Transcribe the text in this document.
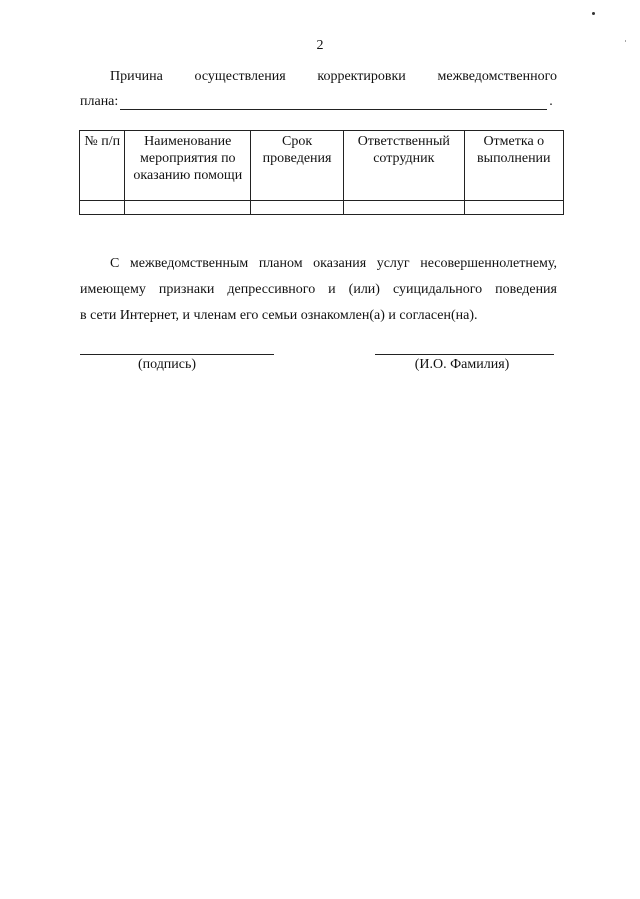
2
Причина осуществления корректировки межведомственного
плана:	.
№ п/п	Наименование мероприятия по оказанию помощи	Срок проведения	Ответственный сотрудник	Отметка о выполнении

С межведомственным планом оказания услуг несовершеннолетнему,
имеющему признаки депрессивного и (или) суицидального поведения
в сети Интернет, и членам его семьи ознакомлен(а) и согласен(на).
(подпись)	(И.О. Фамилия)
